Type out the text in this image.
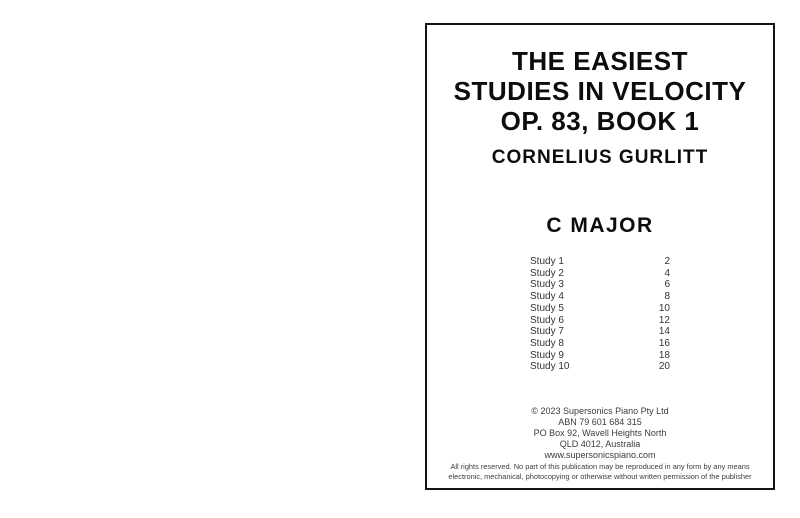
THE EASIEST
STUDIES IN VELOCITY
OP. 83, BOOK 1
CORNELIUS GURLITT
C MAJOR
Study 1	2
Study 2	4
Study 3	6
Study 4	8
Study 5	10
Study 6	12
Study 7	14
Study 8	16
Study 9	18
Study 10	20
© 2023 Supersonics Piano Pty Ltd
ABN 79 601 684 315
PO Box 92, Wavell Heights North
QLD 4012, Australia
www.supersonicspiano.com
All rights reserved. No part of this publication may be reproduced in any form by any means
electronic, mechanical, photocopying or otherwise without written permission of the publisher
